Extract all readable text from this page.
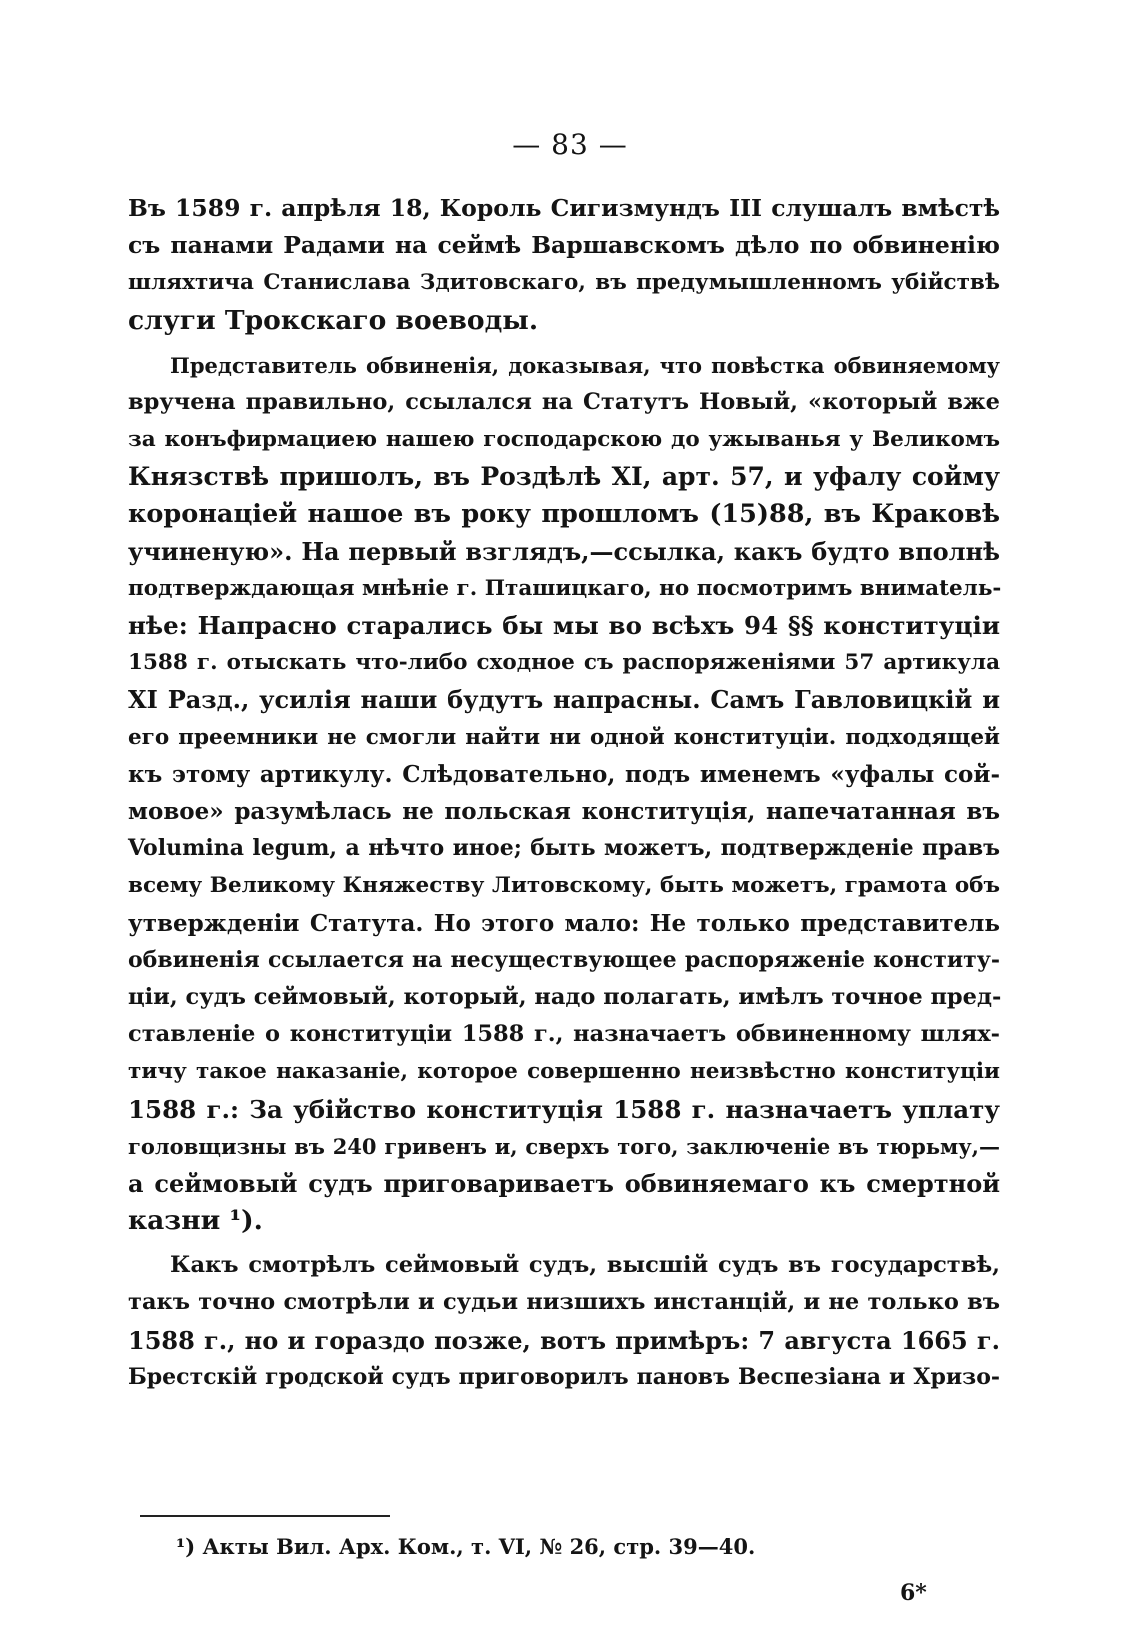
— 83 —
Въ 1589 г. апрѣля 18, Король Сигизмундъ III слушалъ вмѣстѣ
съ панами Радами на сеймѣ Варшавскомъ дѣло по обвиненію
шляхтича Станислава Здитовскаго, въ предумышленномъ убійствѣ
слуги Трокскаго воеводы.
Представитель обвиненія, доказывая, что повѣстка обвиняемому
вручена правильно, ссылался на Статутъ Новый, «который вже
за конъфирмациею нашею господарскою до ужыванья у Великомъ
Князствѣ пришолъ, въ Роздѣлѣ XI, арт. 57, и уфалу сойму
коронацiей нашое въ року прошломъ (15)88, въ Краковѣ
учиненую». На первый взглядъ,—ссылка, какъ будто вполнѣ
подтверждающая мнѣніе г. Пташицкаго, но посмотримъ внимatель-
нѣе: Напрасно старались бы мы во всѣхъ 94 §§ конституціи
1588 г. отыскать что-либо сходное съ распоряженіями 57 артикула
XI Разд., усилія наши будутъ напрасны. Самъ Гавловицкій и
его преемники не смогли найти ни одной конституціи. подходящей
къ этому артикулу. Слѣдовательно, подъ именемъ «уфалы сой-
мовое» разумѣлась не польская конституція, напечатанная въ
Volumina legum, а нѣчто иное; быть можетъ, подтвержденіе правъ
всему Великому Княжеству Литовскому, быть можетъ, грамота объ
утвержденіи Статута. Но этого мало: Не только представитель
обвиненія ссылается на несуществующее распоряженіе конститу-
ціи, судъ сеймовый, который, надо полагать, имѣлъ точное пред-
ставленіе о конституціи 1588 г., назначаетъ обвиненному шлях-
тичу такое наказаніе, которое совершенно неизвѣстно конституціи
1588 г.: За убійство конституція 1588 г. назначаетъ уплату
головщизны въ 240 гривенъ и, сверхъ того, заключеніе въ тюрьму,—
а сеймовый судъ приговариваетъ обвиняемаго къ смертной
казни ¹).
Какъ смотрѣлъ сеймовый судъ, высшій судъ въ государствѣ,
такъ точно смотрѣли и судьи низшихъ инстанцій, и не только въ
1588 г., но и гораздо позже, вотъ примѣръ: 7 августа 1665 г.
Брестскій гродской судъ приговорилъ пановъ Веспезіана и Хризо-
¹) Акты Вил. Арх. Ком., т. VI, № 26, стр. 39—40.
6*
